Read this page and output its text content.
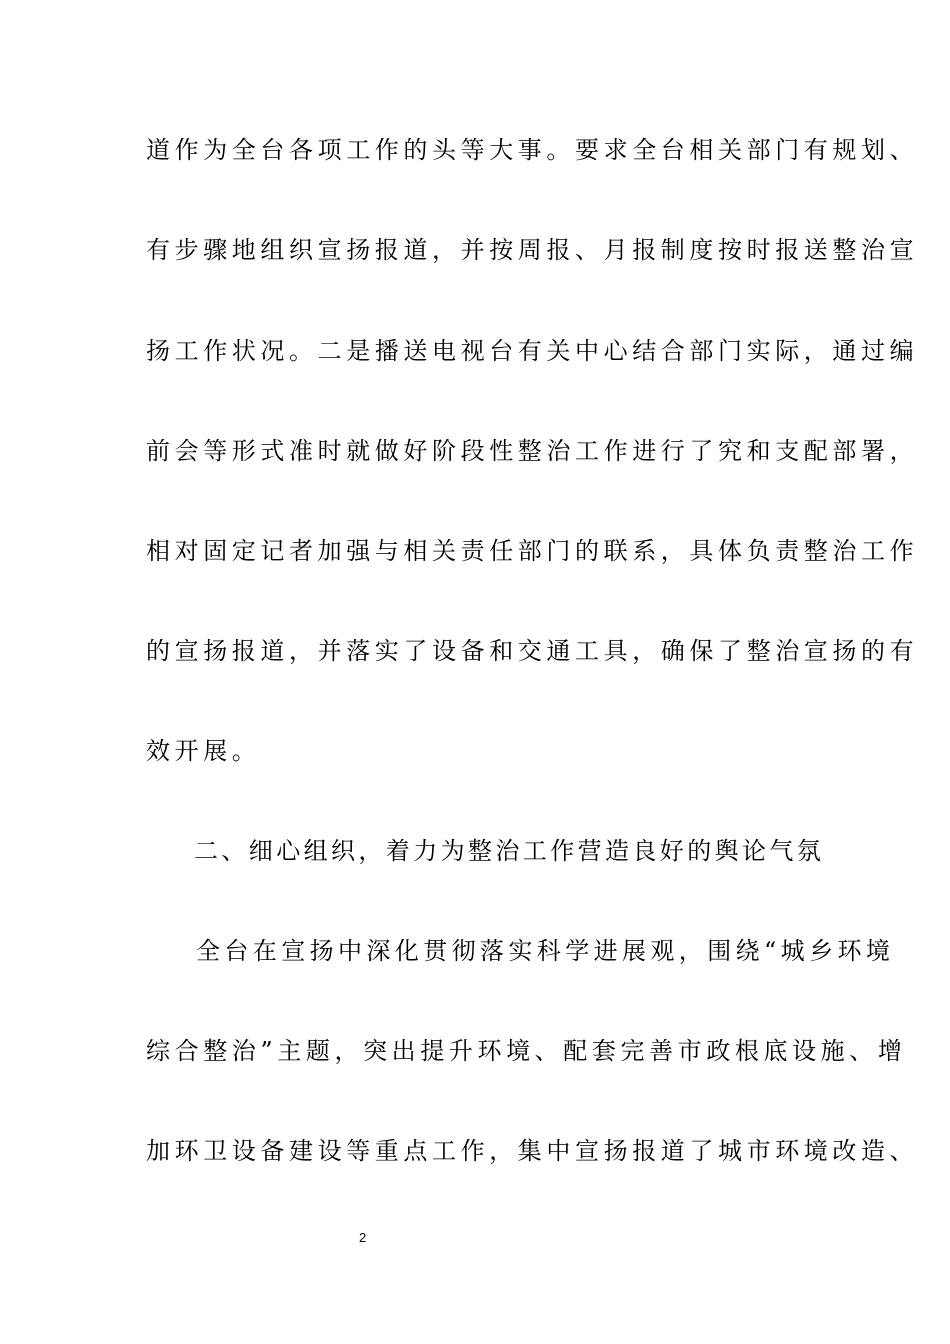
道作为全台各项工作的头等大事。要求全台相关部门有规划、
有步骤地组织宣扬报道，并按周报、月报制度按时报送整治宣
扬工作状况。二是播送电视台有关中心结合部门实际，通过编
前会等形式准时就做好阶段性整治工作进行了究和支配部署，
相对固定记者加强与相关责任部门的联系，具体负责整治工作
的宣扬报道，并落实了设备和交通工具，确保了整治宣扬的有
效开展。
二、细心组织，着力为整治工作营造良好的舆论气氛
全台在宣扬中深化贯彻落实科学进展观，围绕“城乡环境
综合整治”主题，突出提升环境、配套完善市政根底设施、增
加环卫设备建设等重点工作，集中宣扬报道了城市环境改造、
2
